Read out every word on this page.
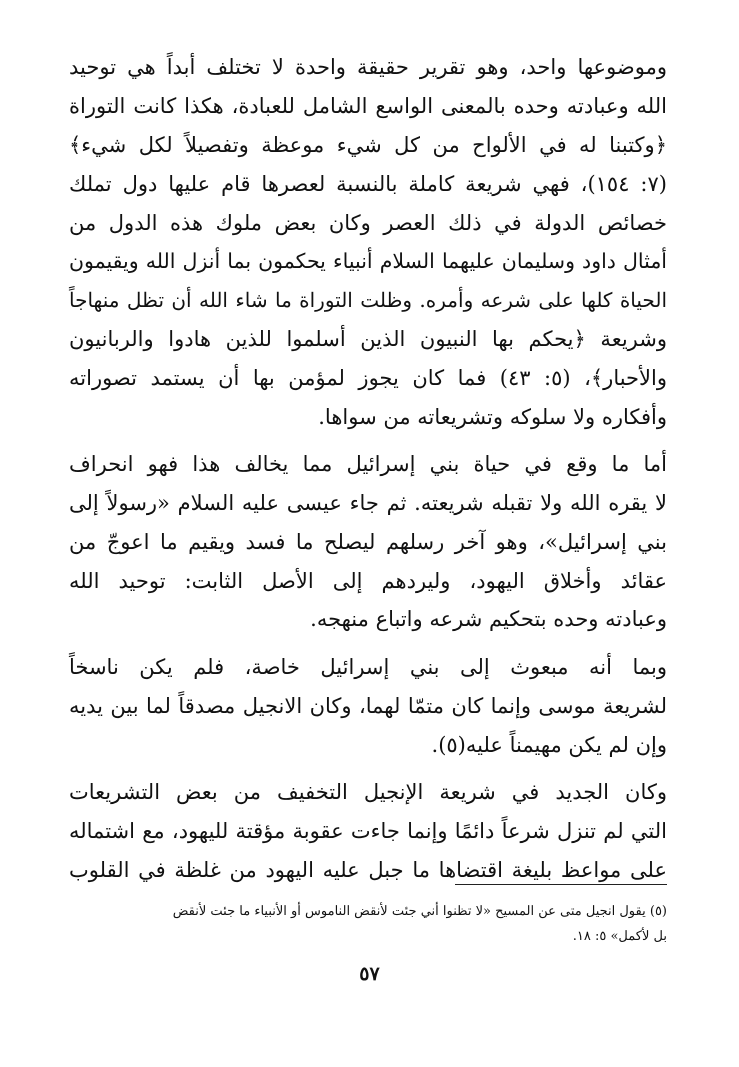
وموضوعها واحد، وهو تقرير حقيقة واحدة لا تختلف أبداً هي توحيد
الله وعبادته وحده بالمعنى الواسع الشامل للعبادة، هكذا كانت التوراة
﴿وكتبنا له في الألواح من كل شيء موعظة وتفصيلاً لكل شيء﴾
(٧: ١٥٤)، فهي شريعة كاملة بالنسبة لعصرها قام عليها دول تملك
خصائص الدولة في ذلك العصر وكان بعض ملوك هذه الدول من
أمثال داود وسليمان عليهما السلام أنبياء يحكمون بما أنزل الله ويقيمون
الحياة كلها على شرعه وأمره. وظلت التوراة ما شاء الله أن تظل منهاجاً
وشريعة ﴿يحكم بها النبيون الذين أسلموا للذين هادوا والربانيون
والأحبار﴾، (٥: ٤٣) فما كان يجوز لمؤمن بها أن يستمد تصوراته
وأفكاره ولا سلوكه وتشريعاته من سواها.
أما ما وقع في حياة بني إسرائيل مما يخالف هذا فهو انحراف
لا يقره الله ولا تقبله شريعته. ثم جاء عيسى عليه السلام «رسولاً إلى
بني إسرائيل»، وهو آخر رسلهم ليصلح ما فسد ويقيم ما اعوجّ من
عقائد وأخلاق اليهود، وليردهم إلى الأصل الثابت: توحيد الله
وعبادته وحده بتحكيم شرعه واتباع منهجه.
وبما أنه مبعوث إلى بني إسرائيل خاصة، فلم يكن ناسخاً
لشريعة موسى وإنما كان متمّا لهما، وكان الانجيل مصدقاً لما بين يديه
وإن لم يكن مهيمناً عليه(٥).
وكان الجديد في شريعة الإنجيل التخفيف من بعض التشريعات
التي لم تنزل شرعاً دائمًا وإنما جاءت عقوبة مؤقتة لليهود، مع اشتماله
على مواعظ بليغة اقتضاها ما جبل عليه اليهود من غلظة في القلوب
(٥) يقول انجيل متى عن المسيح «لا تظنوا أني جئت لأنقض الناموس أو الأنبياء ما جئت لأنقض
بل لأكمل» ٥: ١٨.
٥٧
